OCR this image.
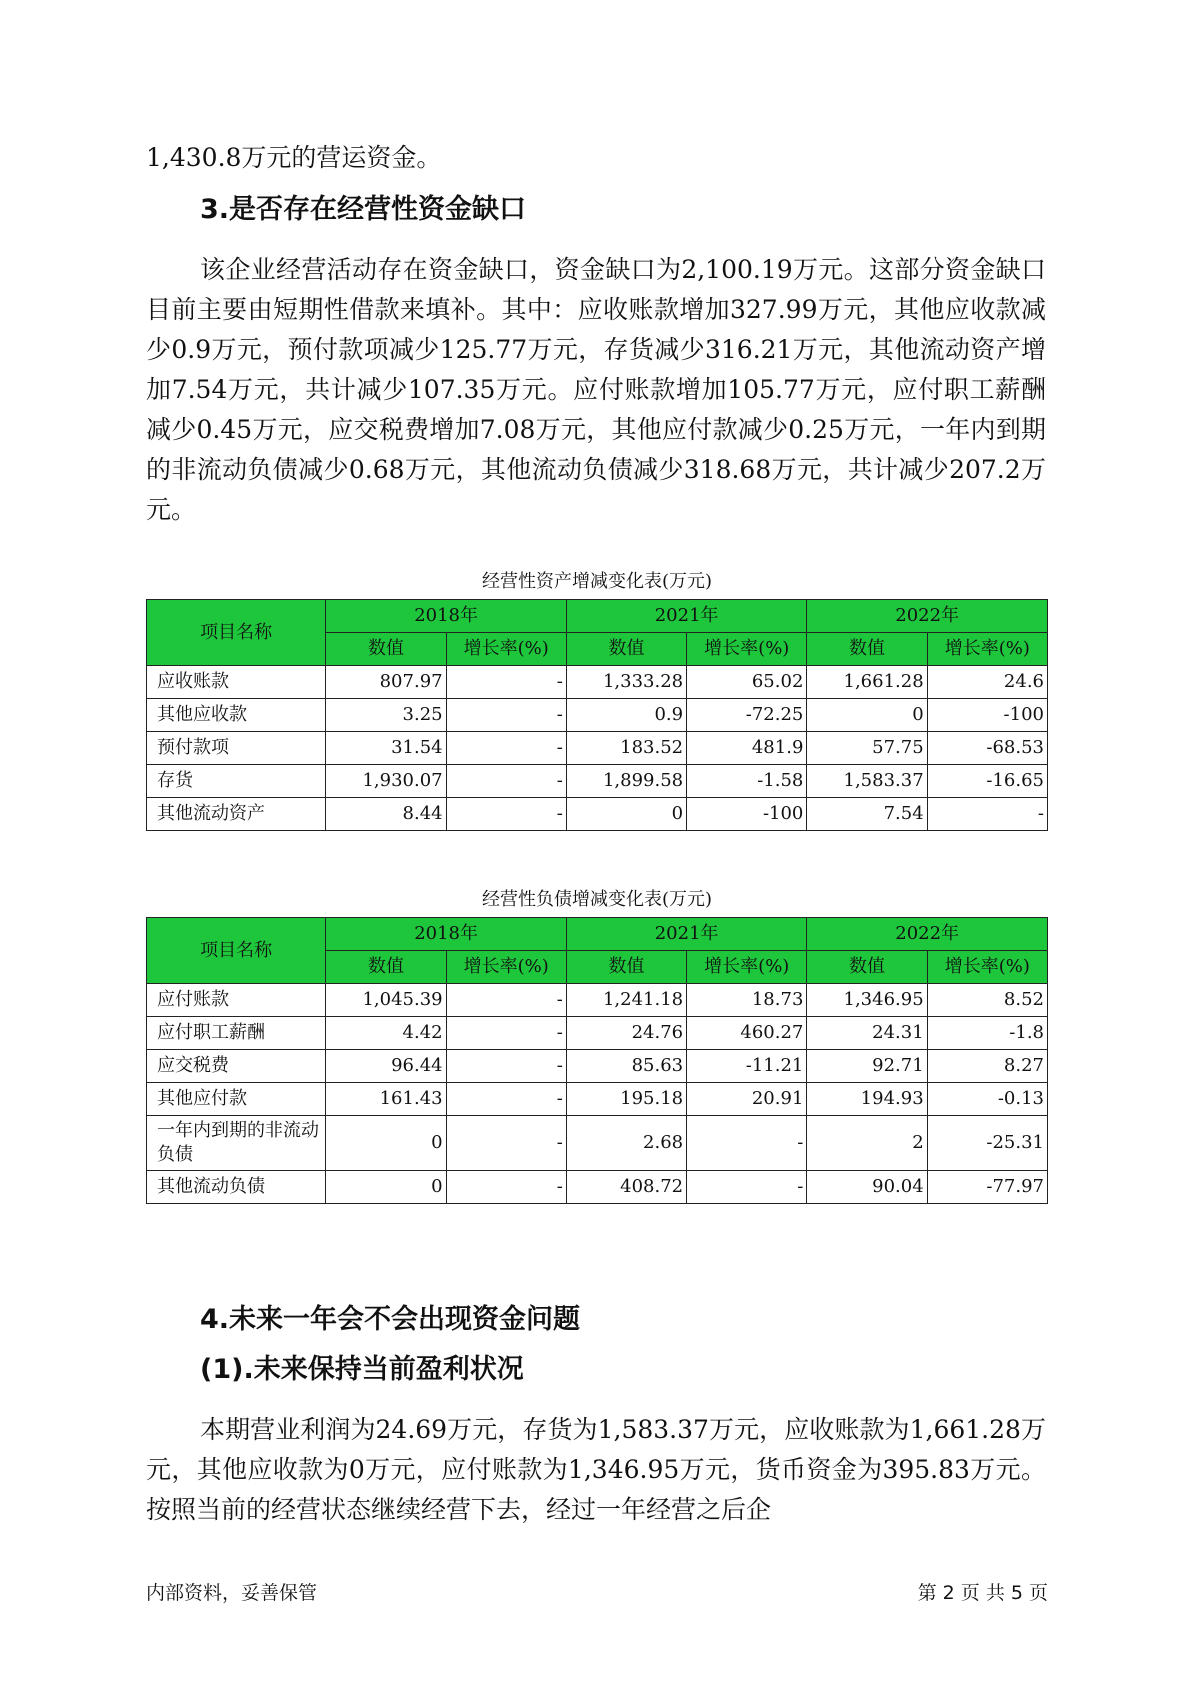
1,430.8万元的营运资金。
3.是否存在经营性资金缺口
该企业经营活动存在资金缺口，资金缺口为2,100.19万元。这部分资金缺口目前主要由短期性借款来填补。其中：应收账款增加327.99万元，其他应收款减少0.9万元，预付款项减少125.77万元，存货减少316.21万元，其他流动资产增加7.54万元，共计减少107.35万元。应付账款增加105.77万元，应付职工薪酬减少0.45万元，应交税费增加7.08万元，其他应付款减少0.25万元，一年内到期的非流动负债减少0.68万元，其他流动负债减少318.68万元，共计减少207.2万元。
经营性资产增减变化表(万元)
项目名称	2018年		2021年		2022年	
	数值	增长率(%)	数值	增长率(%)	数值	增长率(%)
应收账款	807.97	-	1,333.28	65.02	1,661.28	24.6
其他应收款	3.25	-	0.9	-72.25	0	-100
预付款项	31.54	-	183.52	481.9	57.75	-68.53
存货	1,930.07	-	1,899.58	-1.58	1,583.37	-16.65
其他流动资产	8.44	-	0	-100	7.54	-
经营性负债增减变化表(万元)
项目名称	2018年		2021年		2022年	
	数值	增长率(%)	数值	增长率(%)	数值	增长率(%)
应付账款	1,045.39	-	1,241.18	18.73	1,346.95	8.52
应付职工薪酬	4.42	-	24.76	460.27	24.31	-1.8
应交税费	96.44	-	85.63	-11.21	92.71	8.27
其他应付款	161.43	-	195.18	20.91	194.93	-0.13
一年内到期的非流动负债	0	-	2.68	-	2	-25.31
其他流动负债	0	-	408.72	-	90.04	-77.97
4.未来一年会不会出现资金问题
(1).未来保持当前盈利状况
本期营业利润为24.69万元，存货为1,583.37万元，应收账款为1,661.28万元，其他应收款为0万元，应付账款为1,346.95万元，货币资金为395.83万元。按照当前的经营状态继续经营下去，经过一年经营之后企
内部资料，妥善保管	第 2 页 共 5 页
